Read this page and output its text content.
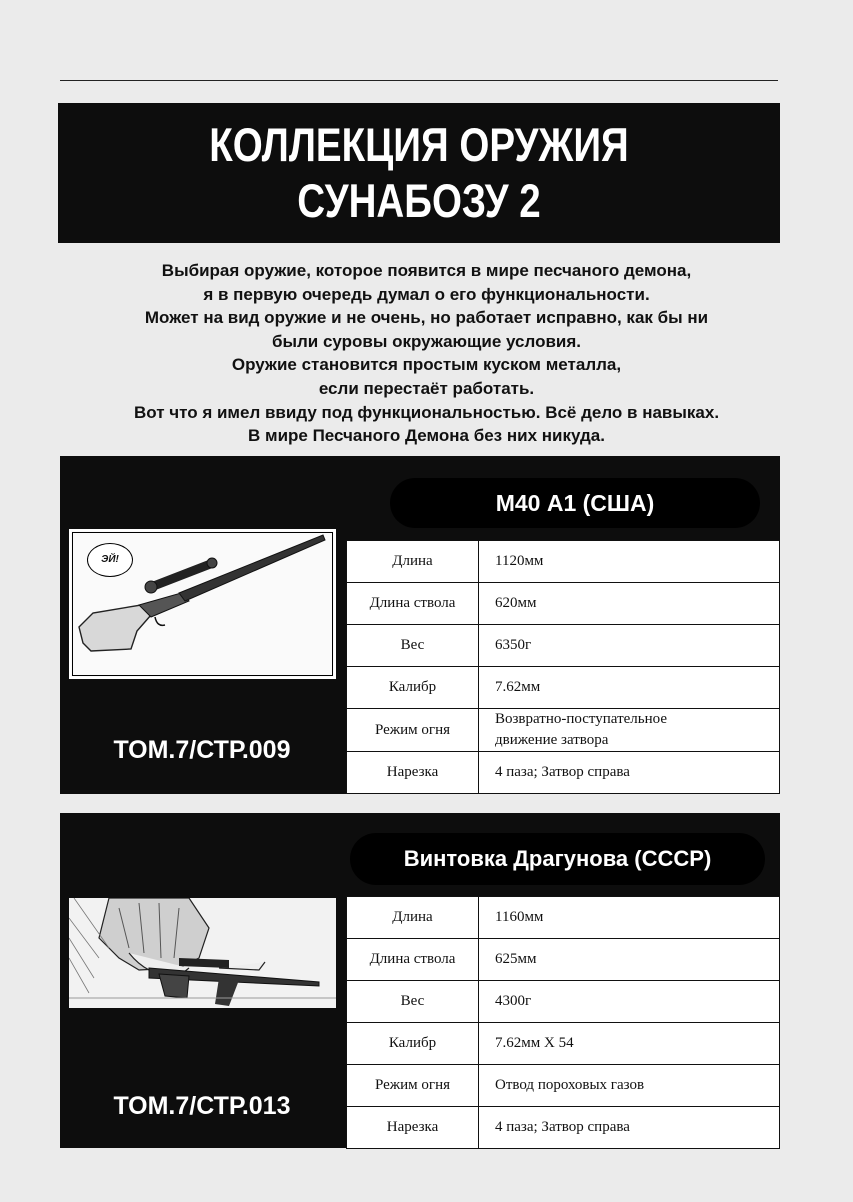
КОЛЛЕКЦИЯ ОРУЖИЯ
СУНАБОЗУ 2
Выбирая оружие, которое появится в мире песчаного демона,
я в первую очередь думал о его функциональности.
Может на вид оружие и не очень, но работает исправно, как бы ни
были суровы окружающие условия.
Оружие становится простым куском металла,
если перестаёт работать.
Вот что я имел ввиду под функциональностью. Всё дело в навыках.
В мире Песчаного Демона без них никуда.
М40 А1 (США)
ЭЙ!
ТОМ.7/СТР.009
Длина	1120мм
Длина ствола	620мм
Вес	6350г
Калибр	7.62мм
Режим огня	Возвратно-поступательное
движение затвора

Нарезка	4 паза; Затвор справа
Винтовка Драгунова (СССР)
ТОМ.7/СТР.013
Длина	1160мм
Длина ствола	625мм
Вес	4300г
Калибр	7.62мм X 54
Режим огня	Отвод пороховых газов
Нарезка	4 паза; Затвор справа
